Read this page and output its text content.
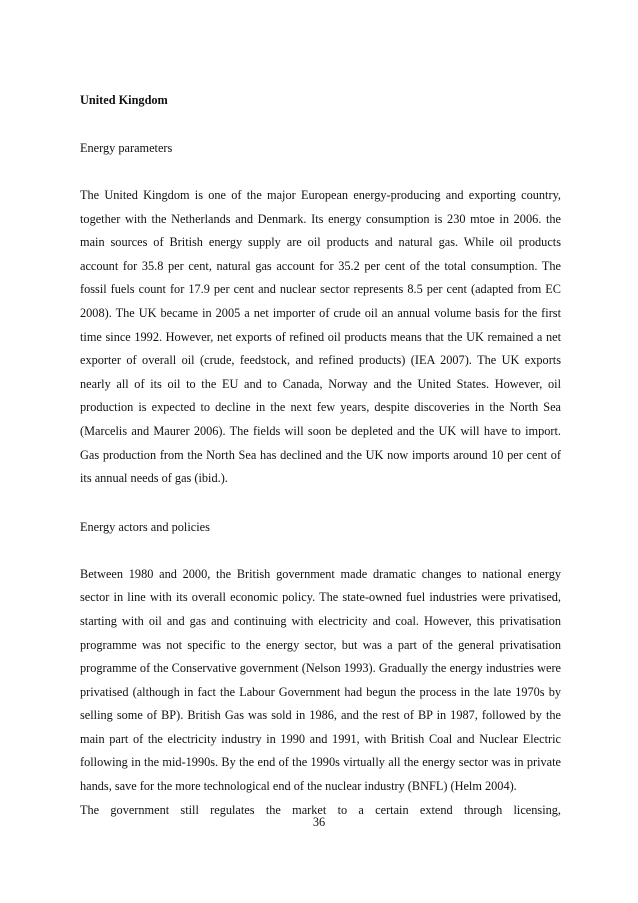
United Kingdom

Energy parameters

The United Kingdom is one of the major European energy-producing and exporting country, together with the Netherlands and Denmark. Its energy consumption is 230 mtoe in 2006. the main sources of British energy supply are oil products and natural gas. While oil products account for 35.8 per cent, natural gas account for 35.2 per cent of the total consumption. The fossil fuels count for 17.9 per cent and nuclear sector represents 8.5 per cent (adapted from EC 2008). The UK became in 2005 a net importer of crude oil an annual volume basis for the first time since 1992. However, net exports of refined oil products means that the UK remained a net exporter of overall oil (crude, feedstock, and refined products) (IEA 2007). The UK exports nearly all of its oil to the EU and to Canada, Norway and the United States. However, oil production is expected to decline in the next few years, despite discoveries in the North Sea (Marcelis and Maurer 2006). The fields will soon be depleted and the UK will have to import. Gas production from the North Sea has declined and the UK now imports around 10 per cent of its annual needs of gas (ibid.).

Energy actors and policies

Between 1980 and 2000, the British government made dramatic changes to national energy sector in line with its overall economic policy. The state-owned fuel industries were privatised, starting with oil and gas and continuing with electricity and coal. However, this privatisation programme was not specific to the energy sector, but was a part of the general privatisation programme of the Conservative government (Nelson 1993). Gradually the energy industries were privatised (although in fact the Labour Government had begun the process in the late 1970s by selling some of BP). British Gas was sold in 1986, and the rest of BP in 1987, followed by the main part of the electricity industry in 1990 and 1991, with British Coal and Nuclear Electric following in the mid-1990s. By the end of the 1990s virtually all the energy sector was in private hands, save for the more technological end of the nuclear industry (BNFL) (Helm 2004).

The government still regulates the market to a certain extend through licensing,

36
